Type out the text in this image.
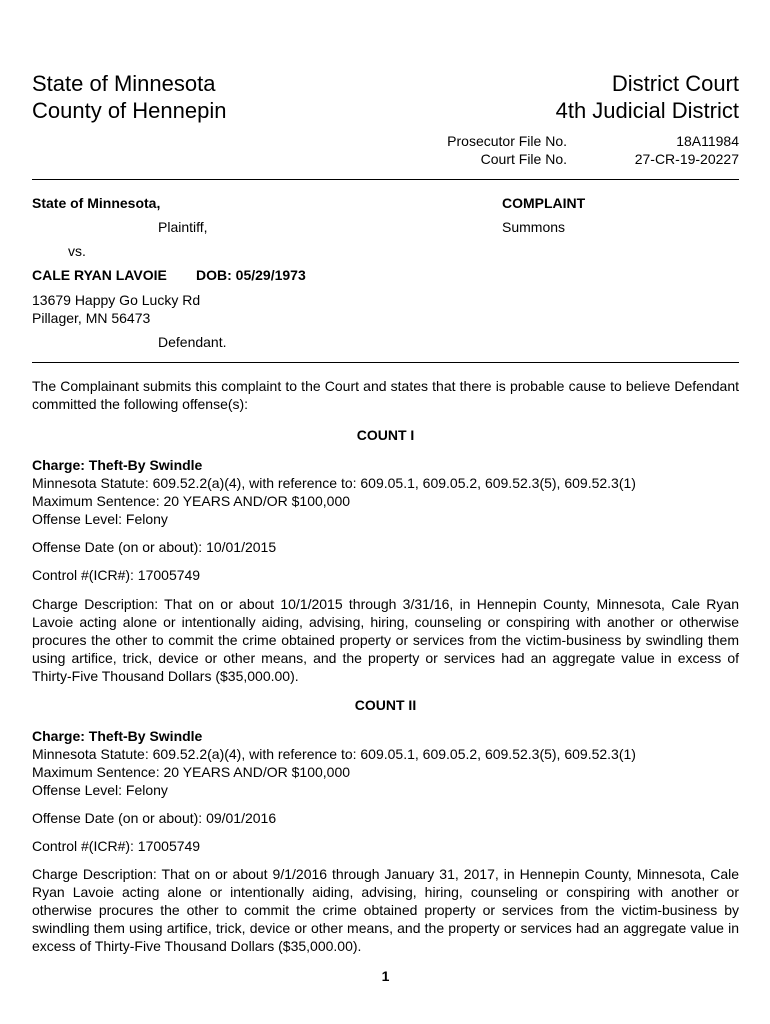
State of Minnesota
County of Hennepin
District Court
4th Judicial District
Prosecutor File No.	18A11984
Court File No.	27-CR-19-20227
State of Minnesota,	COMPLAINT
Plaintiff,	Summons
vs.
CALE RYAN LAVOIE DOB: 05/29/1973
13679 Happy Go Lucky Rd
Pillager, MN 56473
Defendant.
The Complainant submits this complaint to the Court and states that there is probable cause to believe Defendant committed the following offense(s):
COUNT I
Charge: Theft-By Swindle
Minnesota Statute: 609.52.2(a)(4), with reference to: 609.05.1, 609.05.2, 609.52.3(5), 609.52.3(1)
Maximum Sentence: 20 YEARS AND/OR $100,000
Offense Level: Felony
Offense Date (on or about): 10/01/2015
Control #(ICR#): 17005749
Charge Description: That on or about 10/1/2015 through 3/31/16, in Hennepin County, Minnesota, Cale Ryan Lavoie acting alone or intentionally aiding, advising, hiring, counseling or conspiring with another or otherwise procures the other to commit the crime obtained property or services from the victim-business by swindling them using artifice, trick, device or other means, and the property or services had an aggregate value in excess of Thirty-Five Thousand Dollars ($35,000.00).
COUNT II
Charge: Theft-By Swindle
Minnesota Statute: 609.52.2(a)(4), with reference to: 609.05.1, 609.05.2, 609.52.3(5), 609.52.3(1)
Maximum Sentence: 20 YEARS AND/OR $100,000
Offense Level: Felony
Offense Date (on or about): 09/01/2016
Control #(ICR#): 17005749
Charge Description: That on or about 9/1/2016 through January 31, 2017, in Hennepin County, Minnesota, Cale Ryan Lavoie acting alone or intentionally aiding, advising, hiring, counseling or conspiring with another or otherwise procures the other to commit the crime obtained property or services from the victim-business by swindling them using artifice, trick, device or other means, and the property or services had an aggregate value in excess of Thirty-Five Thousand Dollars ($35,000.00).
1
